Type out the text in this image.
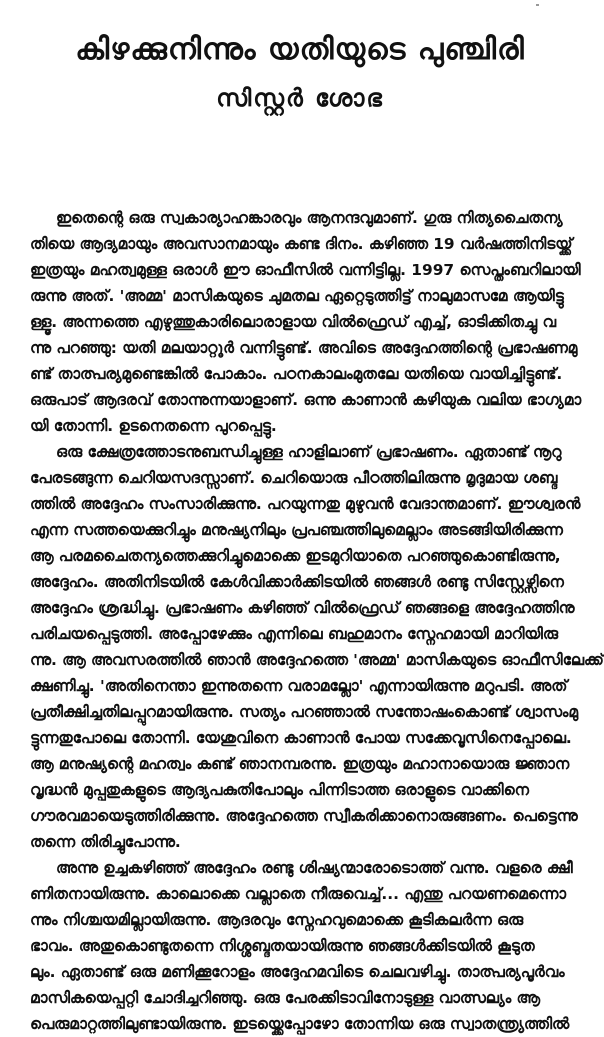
കിഴക്കുനിന്നും യതിയുടെ പുഞ്ചിരി
സിസ്റ്റർ ശോഭ
ഇതെന്റെ ഒരു സ്വകാര്യാഹങ്കാരവും ആനന്ദവുമാണ്. ഗുരു നിത്യചൈതന്യ
തിയെ ആദ്യമായും അവസാനമായും കണ്ട ദിനം. കഴിഞ്ഞ 19 വർഷത്തിനിടയ്ക്ക്
ഇത്രയും മഹത്വമുള്ള ഒരാൾ ഈ ഓഫീസിൽ വന്നിട്ടില്ല. 1997 സെപ്തംബറിലായി
രുന്നു അത്. 'അമ്മ' മാസികയുടെ ചുമതല ഏറ്റെടുത്തിട്ട് നാലുമാസമേ ആയിട്ടു
ള്ളൂ. അന്നത്തെ എഴുത്തുകാരിലൊരാളായ വിൽഫ്രെഡ് എച്ച്, ഓടിക്കിതച്ചു വ
ന്നു പറഞ്ഞു: യതി മലയാറ്റൂർ വന്നിട്ടുണ്ട്. അവിടെ അദ്ദേഹത്തിന്റെ പ്രഭാഷണമു
ണ്ട് താത്പര്യമുണ്ടെങ്കിൽ പോകാം. പഠനകാലംമുതലേ യതിയെ വായിച്ചിട്ടുണ്ട്.
ഒരുപാട് ആദരവ് തോന്നുന്നയാളാണ്. ഒന്നു കാണാൻ കഴിയുക വലിയ ഭാഗ്യമാ
യി തോന്നി. ഉടനെതന്നെ പുറപ്പെട്ടു.
ഒരു ക്ഷേത്രത്തോടനുബന്ധിച്ചുള്ള ഹാളിലാണ് പ്രഭാഷണം. ഏതാണ്ട് നൂറു
പേരടങ്ങുന്ന ചെറിയസദസ്സാണ്. ചെറിയൊരു പീഠത്തിലിരുന്നു മൃദുമായ ശബ്ദ
ത്തിൽ അദ്ദേഹം സംസാരിക്കുന്നു. പറയുന്നതു മുഴുവൻ വേദാന്തമാണ്. ഈശ്വരൻ
എന്ന സത്തയെക്കുറിച്ചും മനുഷ്യനിലും പ്രപഞ്ചത്തിലുമെല്ലാം അടങ്ങിയിരിക്കുന്ന
ആ പരമചൈതന്യത്തെക്കുറിച്ചുമൊക്കെ ഇടമുറിയാതെ പറഞ്ഞുകൊണ്ടിരുന്നു,
അദ്ദേഹം. അതിനിടയിൽ കേൾവിക്കാർക്കിടയിൽ ഞങ്ങൾ രണ്ടു സിസ്റ്റേഴ്സിനെ
അദ്ദേഹം ശ്രദ്ധിച്ചു. പ്രഭാഷണം കഴിഞ്ഞ് വിൽഫ്രെഡ് ഞങ്ങളെ അദ്ദേഹത്തിനു
പരിചയപ്പെടുത്തി. അപ്പോഴേക്കും എന്നിലെ ബഹുമാനം സ്നേഹമായി മാറിയിരു
ന്നു. ആ അവസരത്തിൽ ഞാൻ അദ്ദേഹത്തെ 'അമ്മ' മാസികയുടെ ഓഫീസിലേക്ക്
ക്ഷണിച്ചു. 'അതിനെന്താ ഇന്നുതന്നെ വരാമല്ലോ' എന്നായിരുന്നു മറുപടി. അത്
പ്രതീക്ഷിച്ചതിലപ്പുറമായിരുന്നു. സത്യം പറഞ്ഞാൽ സന്തോഷംകൊണ്ട് ശ്വാസംമു
ട്ടുന്നതുപോലെ തോന്നി. യേശുവിനെ കാണാൻ പോയ സക്കേവൂസിനെപ്പോലെ.
ആ മനുഷ്യന്റെ മഹത്വം കണ്ട് ഞാനമ്പരന്നു. ഇത്രയും മഹാനായൊരു ജ്ഞാന
വൃദ്ധൻ മുപ്പതുകളുടെ ആദ്യപകുതിപോലും പിന്നിടാത്ത ഒരാളുടെ വാക്കിനെ
ഗൗരവമായെടുത്തിരിക്കുന്നു. അദ്ദേഹത്തെ സ്വീകരിക്കാനൊരുങ്ങണം. പെട്ടെന്നു
തന്നെ തിരിച്ചുപോന്നു.
അന്നു ഉച്ചകഴിഞ്ഞ് അദ്ദേഹം രണ്ടു ശിഷ്യന്മാരോടൊത്ത് വന്നു. വളരെ ക്ഷീ
ണിതനായിരുന്നു. കാലൊക്കെ വല്ലാതെ നീരുവെച്ച്... എന്തു പറയണമെന്നൊ
ന്നും നിശ്ചയമില്ലായിരുന്നു. ആദരവും സ്നേഹവുമൊക്കെ കൂടികലർന്ന ഒരു
ഭാവം. അതുകൊണ്ടുതന്നെ നിശ്ശബ്ദതയായിരുന്നു ഞങ്ങൾക്കിടയിൽ കൂടുത
ലും. ഏതാണ്ട് ഒരു മണിക്കൂറോളം അദ്ദേഹമവിടെ ചെലവഴിച്ചു. താത്പര്യപൂർവം
മാസികയെപ്പറ്റി ചോദിച്ചറിഞ്ഞു. ഒരു പേരക്കിടാവിനോടുള്ള വാത്സല്യം ആ
പെരുമാറ്റത്തിലുണ്ടായിരുന്നു. ഇടയ്ക്കെപ്പോഴോ തോന്നിയ ഒരു സ്വാതന്ത്ര്യത്തിൽ
